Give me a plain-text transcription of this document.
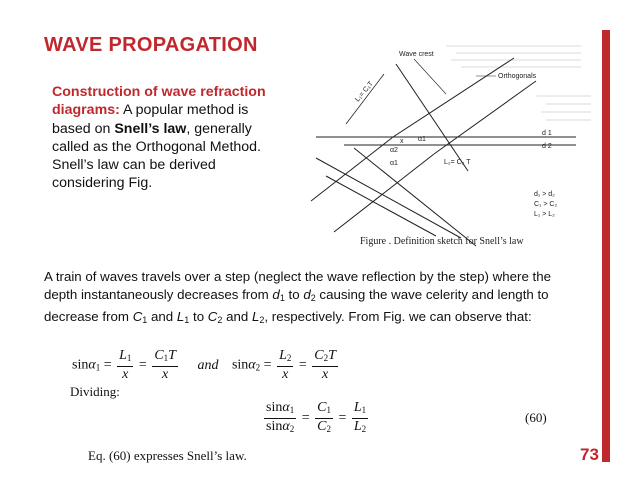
WAVE PROPAGATION
Construction of wave refraction diagrams: A popular method is based on Snell’s law, generally called as the Orthogonal Method. Snell’s law can be derived considering Fig.
L₁= C₁T
Wave crest
Orthogonals
x α1
α2
α1	L₂= C₂ T
d 1
d 2
d₁ > d₂
C₁ > C₂
L₁ > L₂
Figure . Definition sketch for Snell’s law
A train of waves travels over a step (neglect the wave reflection by the step) where the depth instantaneously decreases from $d_1$ to $d_2$ causing the wave celerity and length to decrease from $C_1$ and $L_1$ to $C_2$ and $L_2$, respectively. From Fig. we can observe that:
$\sin\alpha_1 = \frac{L_1}{x} = \frac{C_1T}{x}$ and $\sin\alpha_2 = \frac{L_2}{x} = \frac{C_2T}{x}$
Dividing:
$\frac{\sin\alpha_1}{\sin\alpha_2} = \frac{C_1}{C_2} = \frac{L_1}{L_2}$	(60)
Eq. (60) expresses Snell’s law.	73
